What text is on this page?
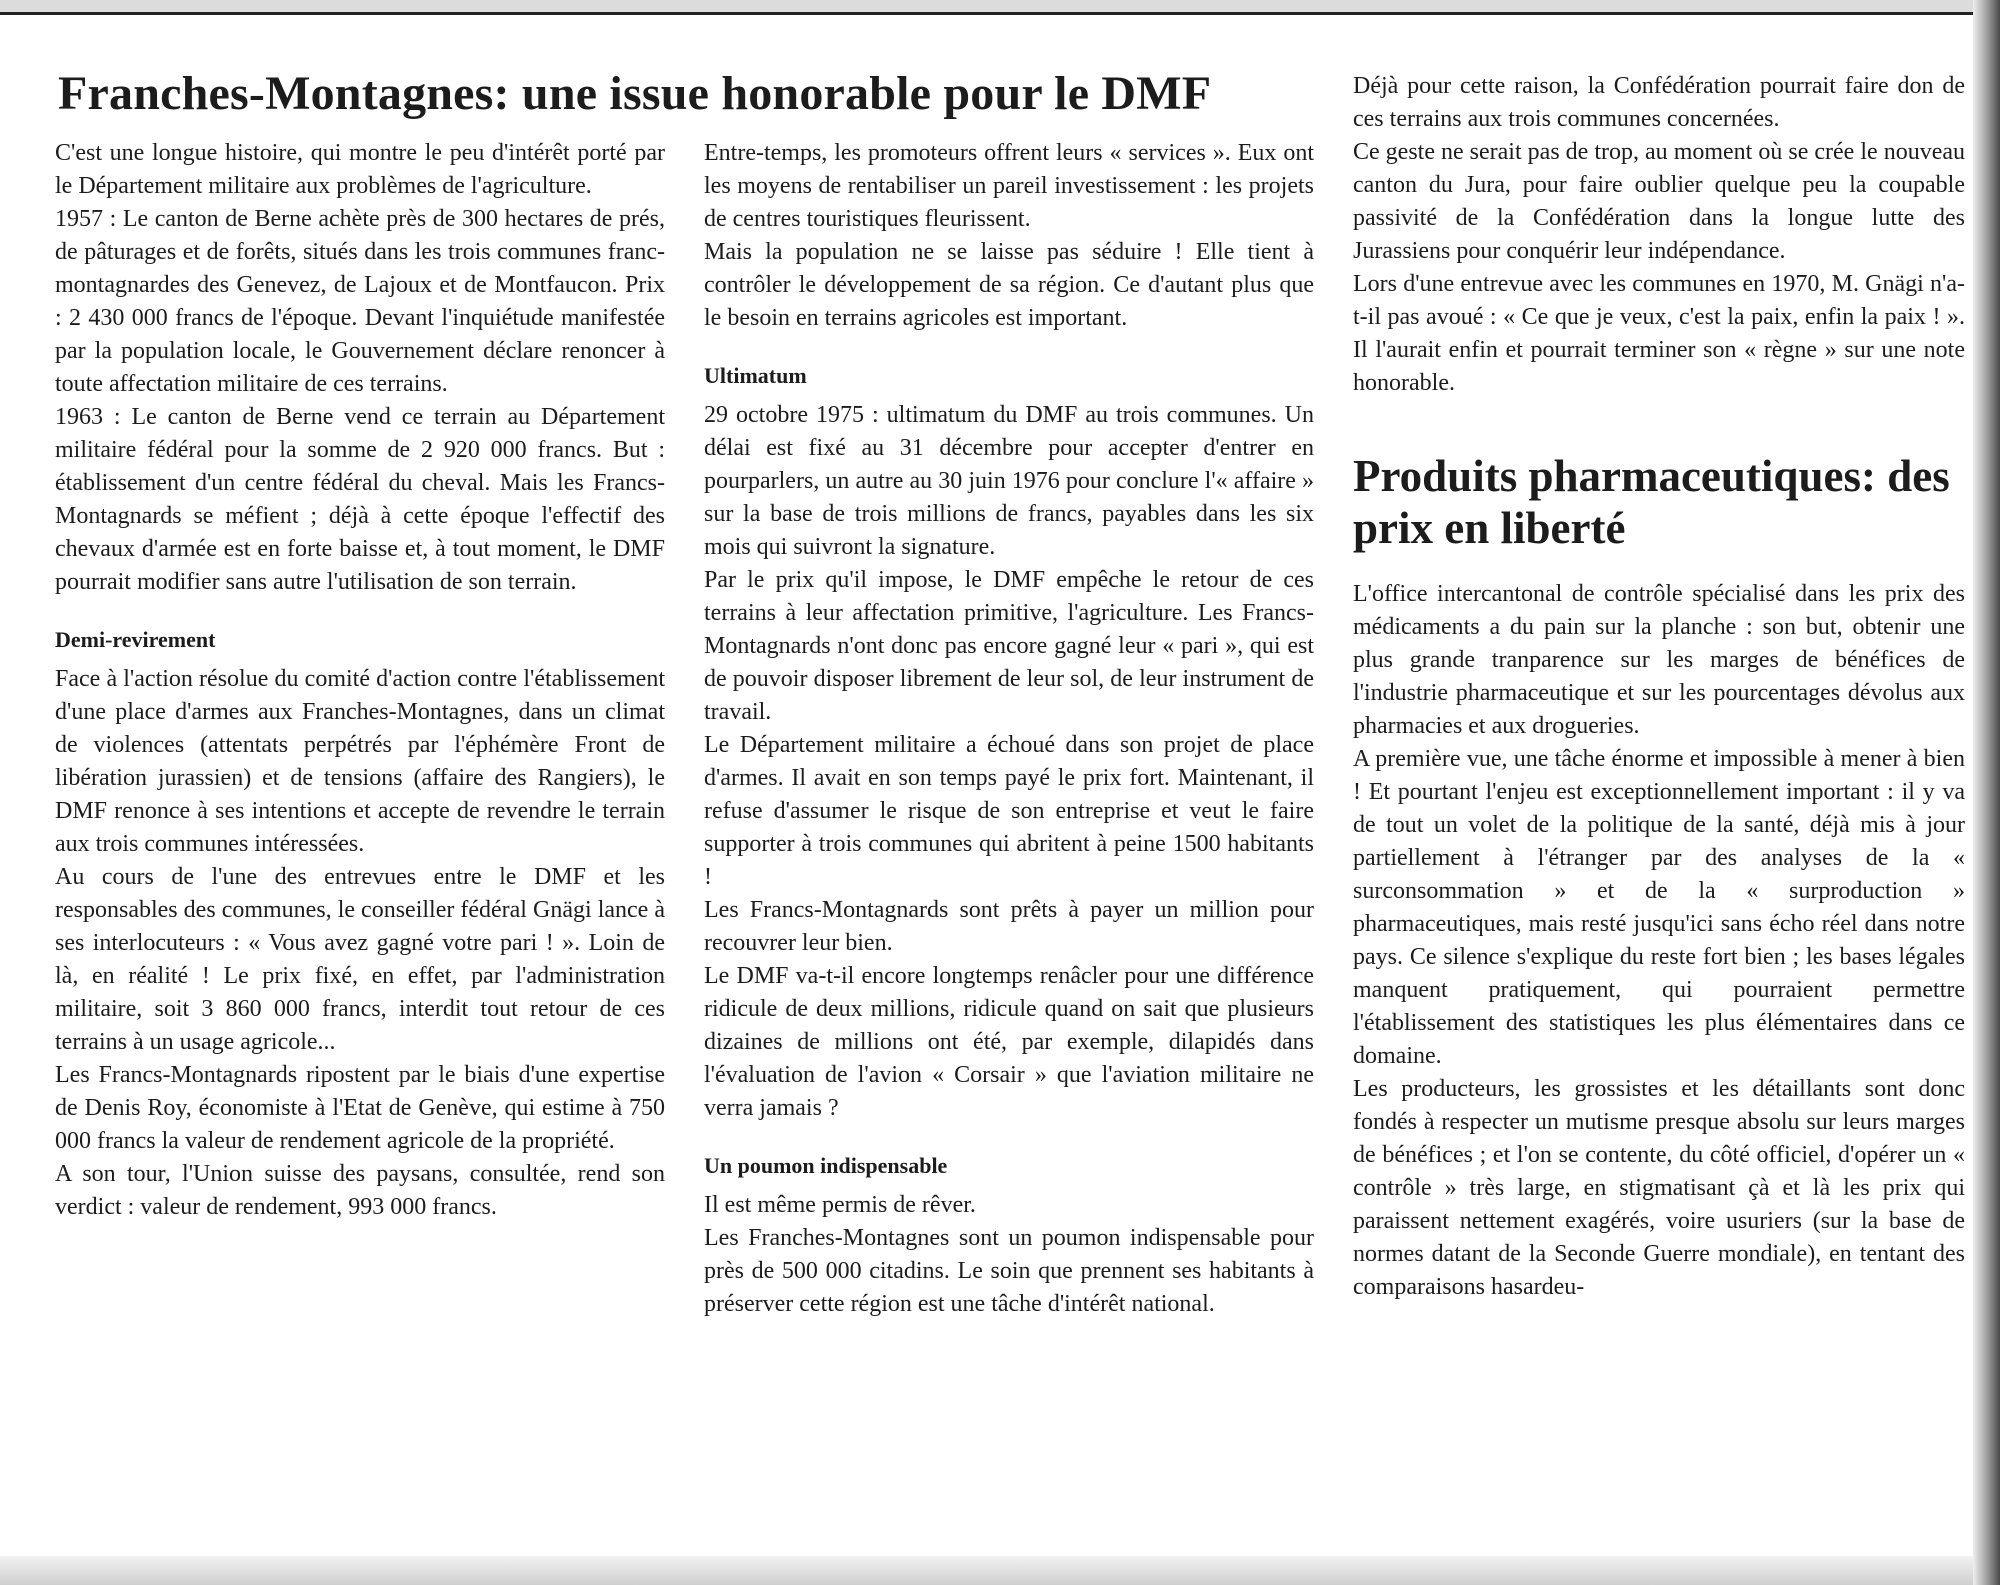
Franches-Montagnes: une issue honorable pour le DMF

C'est une longue histoire, qui montre le peu d'intérêt porté par le Département militaire aux problèmes de l'agriculture.

1957 : Le canton de Berne achète près de 300 hectares de prés, de pâturages et de forêts, situés dans les trois communes franc-montagnardes des Genevez, de Lajoux et de Montfaucon. Prix : 2 430 000 francs de l'époque. Devant l'inquiétude manifestée par la population locale, le Gouvernement déclare renoncer à toute affectation militaire de ces terrains.

1963 : Le canton de Berne vend ce terrain au Département militaire fédéral pour la somme de 2 920 000 francs. But : établissement d'un centre fédéral du cheval. Mais les Francs-Montagnards se méfient ; déjà à cette époque l'effectif des chevaux d'armée est en forte baisse et, à tout moment, le DMF pourrait modifier sans autre l'utilisation de son terrain.

Demi-revirement

Face à l'action résolue du comité d'action contre l'établissement d'une place d'armes aux Franches-Montagnes, dans un climat de violences (attentats perpétrés par l'éphémère Front de libération jurassien) et de tensions (affaire des Rangiers), le DMF renonce à ses intentions et accepte de revendre le terrain aux trois communes intéressées.

Au cours de l'une des entrevues entre le DMF et les responsables des communes, le conseiller fédéral Gnägi lance à ses interlocuteurs : « Vous avez gagné votre pari ! ». Loin de là, en réalité ! Le prix fixé, en effet, par l'administration militaire, soit 3 860 000 francs, interdit tout retour de ces terrains à un usage agricole...

Les Francs-Montagnards ripostent par le biais d'une expertise de Denis Roy, économiste à l'Etat de Genève, qui estime à 750 000 francs la valeur de rendement agricole de la propriété.

A son tour, l'Union suisse des paysans, consultée, rend son verdict : valeur de rendement, 993 000 francs.

Entre-temps, les promoteurs offrent leurs « services ». Eux ont les moyens de rentabiliser un pareil investissement : les projets de centres touristiques fleurissent.

Mais la population ne se laisse pas séduire ! Elle tient à contrôler le développement de sa région. Ce d'autant plus que le besoin en terrains agricoles est important.

Ultimatum

29 octobre 1975 : ultimatum du DMF au trois communes. Un délai est fixé au 31 décembre pour accepter d'entrer en pourparlers, un autre au 30 juin 1976 pour conclure l'« affaire » sur la base de trois millions de francs, payables dans les six mois qui suivront la signature.

Par le prix qu'il impose, le DMF empêche le retour de ces terrains à leur affectation primitive, l'agriculture. Les Francs-Montagnards n'ont donc pas encore gagné leur « pari », qui est de pouvoir disposer librement de leur sol, de leur instrument de travail.

Le Département militaire a échoué dans son projet de place d'armes. Il avait en son temps payé le prix fort. Maintenant, il refuse d'assumer le risque de son entreprise et veut le faire supporter à trois communes qui abritent à peine 1500 habitants !

Les Francs-Montagnards sont prêts à payer un million pour recouvrer leur bien.

Le DMF va-t-il encore longtemps renâcler pour une différence ridicule de deux millions, ridicule quand on sait que plusieurs dizaines de millions ont été, par exemple, dilapidés dans l'évaluation de l'avion « Corsair » que l'aviation militaire ne verra jamais ?

Un poumon indispensable

Il est même permis de rêver.

Les Franches-Montagnes sont un poumon indispensable pour près de 500 000 citadins. Le soin que prennent ses habitants à préserver cette région est une tâche d'intérêt national.

Déjà pour cette raison, la Confédération pourrait faire don de ces terrains aux trois communes concernées.

Ce geste ne serait pas de trop, au moment où se crée le nouveau canton du Jura, pour faire oublier quelque peu la coupable passivité de la Confédération dans la longue lutte des Jurassiens pour conquérir leur indépendance.

Lors d'une entrevue avec les communes en 1970, M. Gnägi n'a-t-il pas avoué : « Ce que je veux, c'est la paix, enfin la paix ! ». Il l'aurait enfin et pourrait terminer son « règne » sur une note honorable.

Produits pharmaceutiques: des prix en liberté

L'office intercantonal de contrôle spécialisé dans les prix des médicaments a du pain sur la planche : son but, obtenir une plus grande tranparence sur les marges de bénéfices de l'industrie pharmaceutique et sur les pourcentages dévolus aux pharmacies et aux drogueries.

A première vue, une tâche énorme et impossible à mener à bien ! Et pourtant l'enjeu est exceptionnellement important : il y va de tout un volet de la politique de la santé, déjà mis à jour partiellement à l'étranger par des analyses de la « surconsommation » et de la « surproduction » pharmaceutiques, mais resté jusqu'ici sans écho réel dans notre pays. Ce silence s'explique du reste fort bien ; les bases légales manquent pratiquement, qui pourraient permettre l'établissement des statistiques les plus élémentaires dans ce domaine.

Les producteurs, les grossistes et les détaillants sont donc fondés à respecter un mutisme presque absolu sur leurs marges de bénéfices ; et l'on se contente, du côté officiel, d'opérer un « contrôle » très large, en stigmatisant çà et là les prix qui paraissent nettement exagérés, voire usuriers (sur la base de normes datant de la Seconde Guerre mondiale), en tentant des comparaisons hasardeu-
